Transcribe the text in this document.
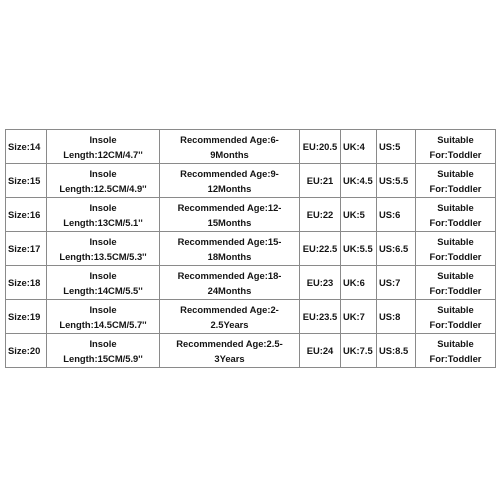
Size:14	Insole Length:12CM/4.7''	Recommended Age:6-9Months	EU:20.5	UK:4	US:5	Suitable For:Toddler
Size:15	Insole Length:12.5CM/4.9''	Recommended Age:9-12Months	EU:21	UK:4.5	US:5.5	Suitable For:Toddler
Size:16	Insole Length:13CM/5.1''	Recommended Age:12-15Months	EU:22	UK:5	US:6	Suitable For:Toddler
Size:17	Insole Length:13.5CM/5.3''	Recommended Age:15-18Months	EU:22.5	UK:5.5	US:6.5	Suitable For:Toddler
Size:18	Insole Length:14CM/5.5''	Recommended Age:18-24Months	EU:23	UK:6	US:7	Suitable For:Toddler
Size:19	Insole Length:14.5CM/5.7''	Recommended Age:2-2.5Years	EU:23.5	UK:7	US:8	Suitable For:Toddler
Size:20	Insole Length:15CM/5.9''	Recommended Age:2.5-3Years	EU:24	UK:7.5	US:8.5	Suitable For:Toddler
